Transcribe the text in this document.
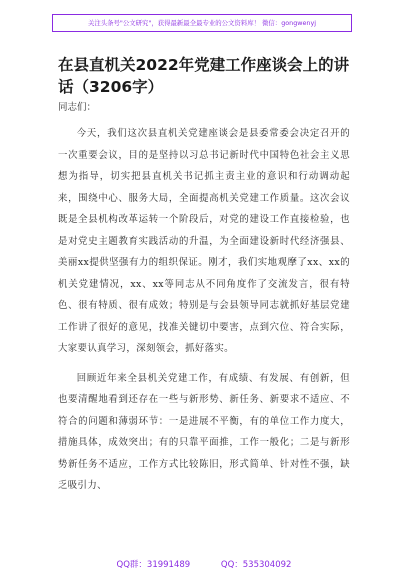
关注头条号"公文研究"，获得最新最全最专业的公文资料库！ 微信：gongwenyj
在县直机关2022年党建工作座谈会上的讲话（3206字）

同志们：

今天，我们这次县直机关党建座谈会是县委常委会决定召开的一次重要会议，目的是坚持以习总书记新时代中国特色社会主义思想为指导，切实把县直机关书记抓主责主业的意识和行动调动起来，围绕中心、服务大局，全面提高机关党建工作质量。这次会议既是全县机构改革运转一个阶段后，对党的建设工作直接检验，也是对党史主题教育实践活动的升温，为全面建设新时代经济强县、美丽xx提供坚强有力的组织保证。刚才，我们实地观摩了xx、xx的机关党建情况，xx、xx等同志从不同角度作了交流发言，很有特色、很有特质、很有成效；特别是与会县领导同志就抓好基层党建工作讲了很好的意见，找准关键切中要害，点到穴位、符合实际，大家要认真学习，深刻领会，抓好落实。

回顾近年来全县机关党建工作，有成绩、有发展、有创新，但也要清醒地看到还存在一些与新形势、新任务、新要求不适应、不符合的问题和薄弱环节：一是进展不平衡，有的单位工作力度大，措施具体，成效突出；有的只靠平面推，工作一般化；二是与新形势新任务不适应，工作方式比较陈旧，形式简单、针对性不强，缺乏吸引力、

QQ群：31991489	QQ：535304092
